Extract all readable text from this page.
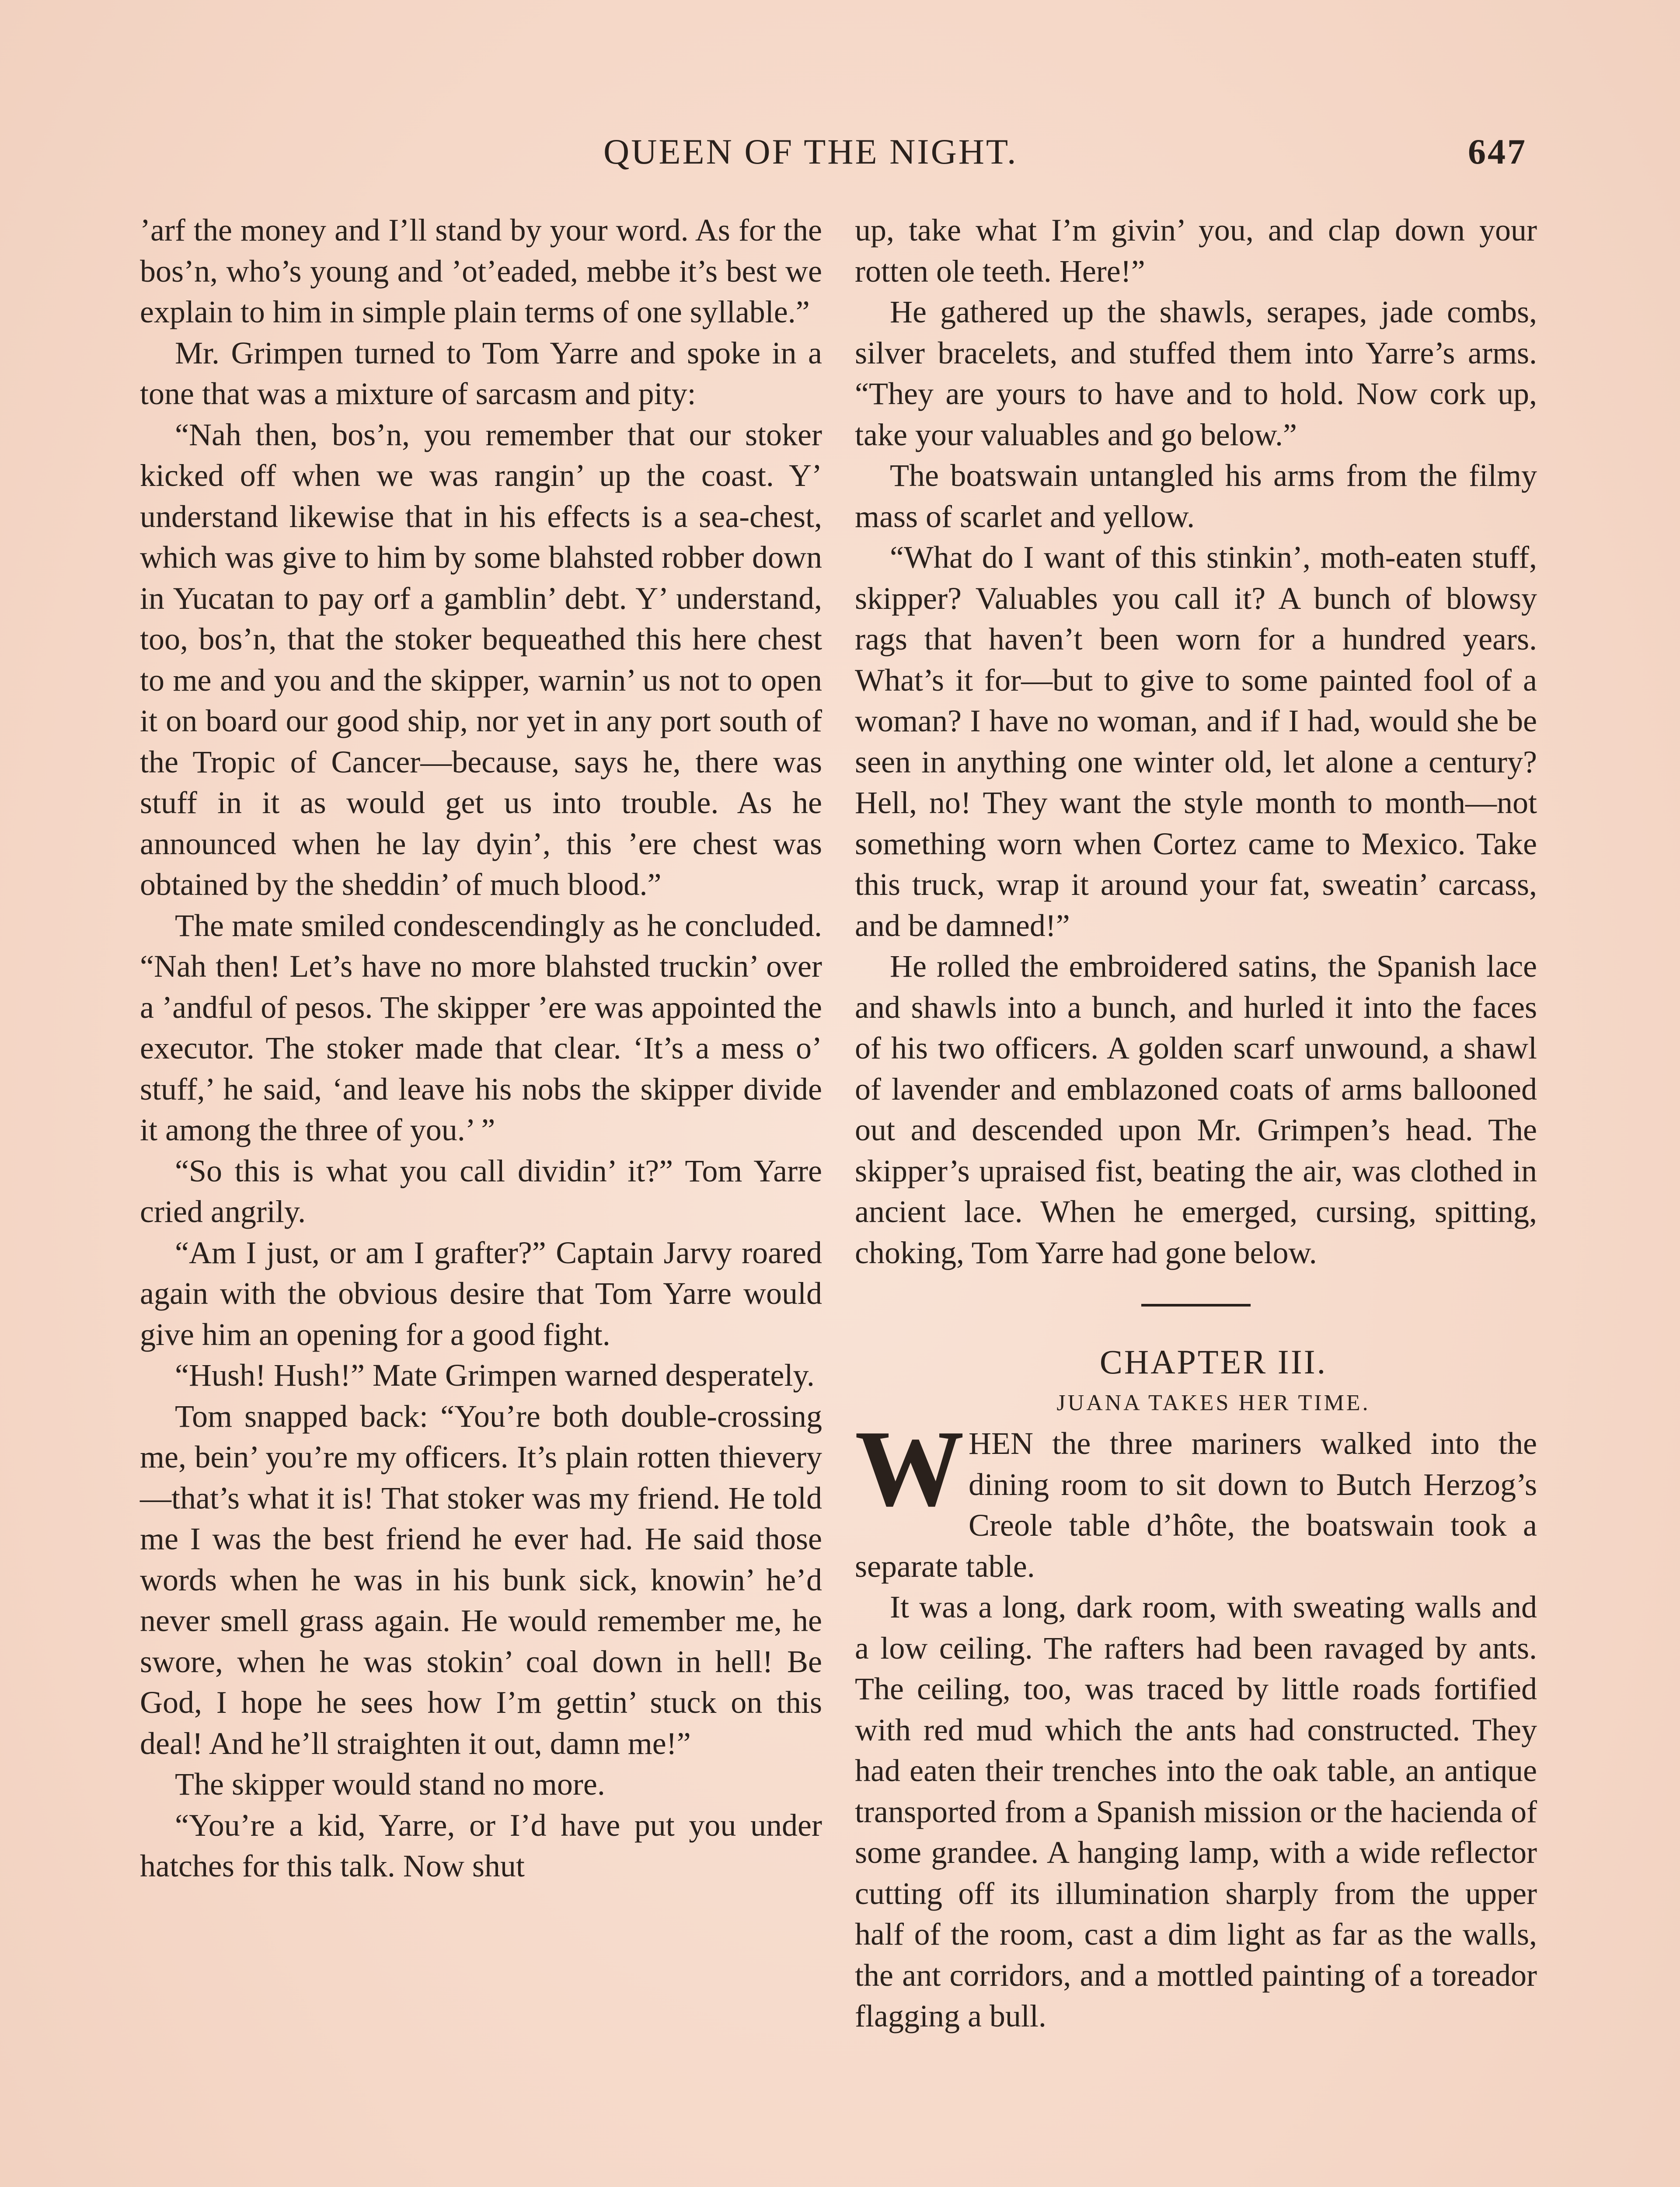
QUEEN OF THE NIGHT.	647

’arf the money and I’ll stand by your word. As for the bos’n, who’s young and ’ot’eaded, mebbe it’s best we explain to him in simple plain terms of one syllable.”

Mr. Grimpen turned to Tom Yarre and spoke in a tone that was a mixture of sarcasm and pity:

“Nah then, bos’n, you remember that our stoker kicked off when we was rangin’ up the coast. Y’ understand likewise that in his effects is a sea-chest, which was give to him by some blahsted robber down in Yucatan to pay orf a gamblin’ debt. Y’ understand, too, bos’n, that the stoker bequeathed this here chest to me and you and the skipper, warnin’ us not to open it on board our good ship, nor yet in any port south of the Tropic of Cancer—because, says he, there was stuff in it as would get us into trouble. As he announced when he lay dyin’, this ’ere chest was obtained by the sheddin’ of much blood.”

The mate smiled condescendingly as he concluded. “Nah then! Let’s have no more blahsted truckin’ over a ’andful of pesos. The skipper ’ere was appointed the executor. The stoker made that clear. ‘It’s a mess o’ stuff,’ he said, ‘and leave his nobs the skipper divide it among the three of you.’ ”

“So this is what you call dividin’ it?” Tom Yarre cried angrily.

“Am I just, or am I grafter?” Captain Jarvy roared again with the obvious desire that Tom Yarre would give him an opening for a good fight.

“Hush! Hush!” Mate Grimpen warned desperately.

Tom snapped back: “You’re both double-crossing me, bein’ you’re my officers. It’s plain rotten thievery—that’s what it is! That stoker was my friend. He told me I was the best friend he ever had. He said those words when he was in his bunk sick, knowin’ he’d never smell grass again. He would remember me, he swore, when he was stokin’ coal down in hell! Be God, I hope he sees how I’m gettin’ stuck on this deal! And he’ll straighten it out, damn me!”

The skipper would stand no more.

“You’re a kid, Yarre, or I’d have put you under hatches for this talk. Now shut

up, take what I’m givin’ you, and clap down your rotten ole teeth. Here!”

He gathered up the shawls, serapes, jade combs, silver bracelets, and stuffed them into Yarre’s arms. “They are yours to have and to hold. Now cork up, take your valuables and go below.”

The boatswain untangled his arms from the filmy mass of scarlet and yellow.

“What do I want of this stinkin’, moth-eaten stuff, skipper? Valuables you call it? A bunch of blowsy rags that haven’t been worn for a hundred years. What’s it for—but to give to some painted fool of a woman? I have no woman, and if I had, would she be seen in anything one winter old, let alone a century? Hell, no! They want the style month to month—not something worn when Cortez came to Mexico. Take this truck, wrap it around your fat, sweatin’ carcass, and be damned!”

He rolled the embroidered satins, the Spanish lace and shawls into a bunch, and hurled it into the faces of his two officers. A golden scarf unwound, a shawl of lavender and emblazoned coats of arms ballooned out and descended upon Mr. Grimpen’s head. The skipper’s upraised fist, beating the air, was clothed in ancient lace. When he emerged, cursing, spitting, choking, Tom Yarre had gone below.

CHAPTER III.

JUANA TAKES HER TIME.

WHEN the three mariners walked into the dining room to sit down to Butch Herzog’s Creole table d’hôte, the boatswain took a separate table.

It was a long, dark room, with sweating walls and a low ceiling. The rafters had been ravaged by ants. The ceiling, too, was traced by little roads fortified with red mud which the ants had constructed. They had eaten their trenches into the oak table, an antique transported from a Spanish mission or the hacienda of some grandee. A hanging lamp, with a wide reflector cutting off its illumination sharply from the upper half of the room, cast a dim light as far as the walls, the ant corridors, and a mottled painting of a toreador flagging a bull.
